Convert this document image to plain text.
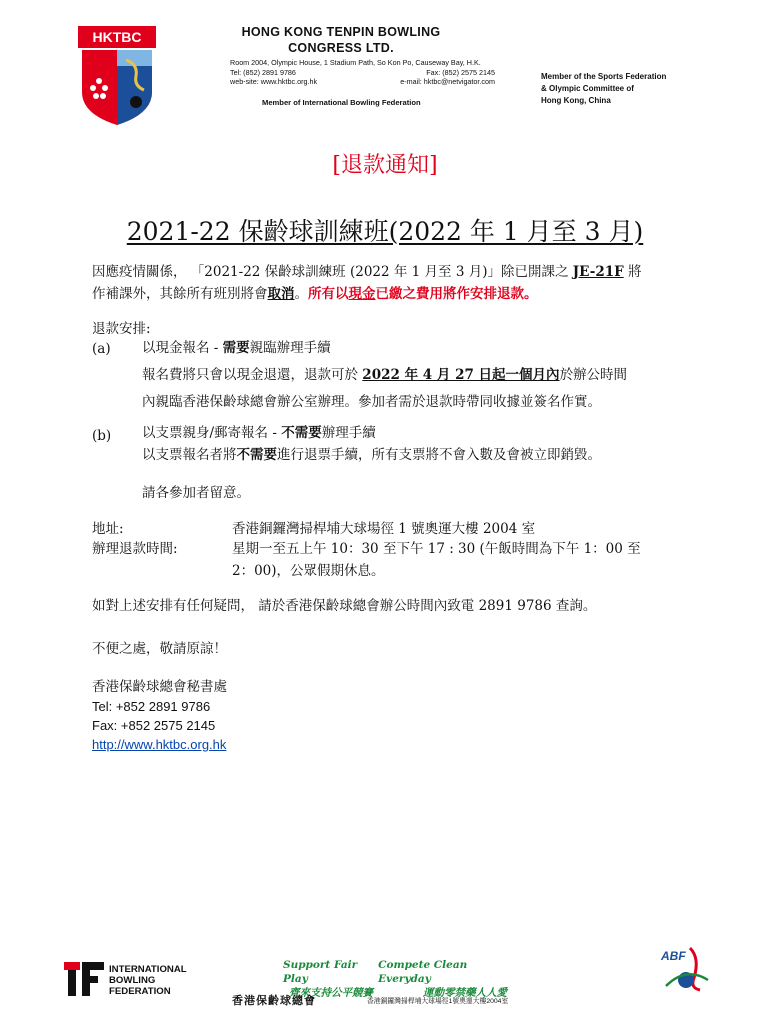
HKTBC	HONG KONG TENPIN BOWLING
CONGRESS LTD.
Room 2004, Olympic House, 1 Stadium Path, So Kon Po, Causeway Bay, H.K.
Tel: (852) 2891 9786	Fax: (852) 2575 2145
web-site: www.hktbc.org.hk	e-mail: hktbc@netvigator.com
Member of International Bowling Federation
Member of the Sports Federation
& Olympic Committee of
Hong Kong, China
[退款通知]
2021-22 保齡球訓練班(2022 年 1 月至 3 月)
因應疫情關係， 「2021-22 保齡球訓練班 (2022 年 1 月至 3 月)」除已開課之 JE-21F 將
作補課外，其餘所有班別將會取消。所有以現金已繳之費用將作安排退款。
退款安排:
(a) 以現金報名 - 需要親臨辦理手續
報名費將只會以現金退還，退款可於 2022 年 4 月 27 日起一個月內於辦公時間
內親臨香港保齡球總會辦公室辦理。參加者需於退款時帶同收據並簽名作實。
(b) 以支票親身/郵寄報名 - 不需要辦理手續
以支票報名者將不需要進行退票手續，所有支票將不會入數及會被立即銷毀。
請各參加者留意。
地址:	香港銅鑼灣掃桿埔大球場徑 1 號奧運大樓 2004 室
辦理退款時間:	星期一至五上午 10：30 至下午 17 : 30 (午飯時間為下午 1：00 至
2：00)，公眾假期休息。
如對上述安排有任何疑問， 請於香港保齡球總會辦公時間內致電 2891 9786 查詢。
不便之處，敬請原諒！
香港保齡球總會秘書處
Tel: +852 2891 9786
Fax: +852 2575 2145
http://www.hktbc.org.hk
INTERNATIONAL
BOWLING
FEDERATION
Support Fair Play
Compete Clean Everyday
齊來支持公平競賽	運動零禁藥人人愛
香港保齡球總會	香港銅鑼灣掃桿埔大球場徑1號奧運大樓2004室
ABF
